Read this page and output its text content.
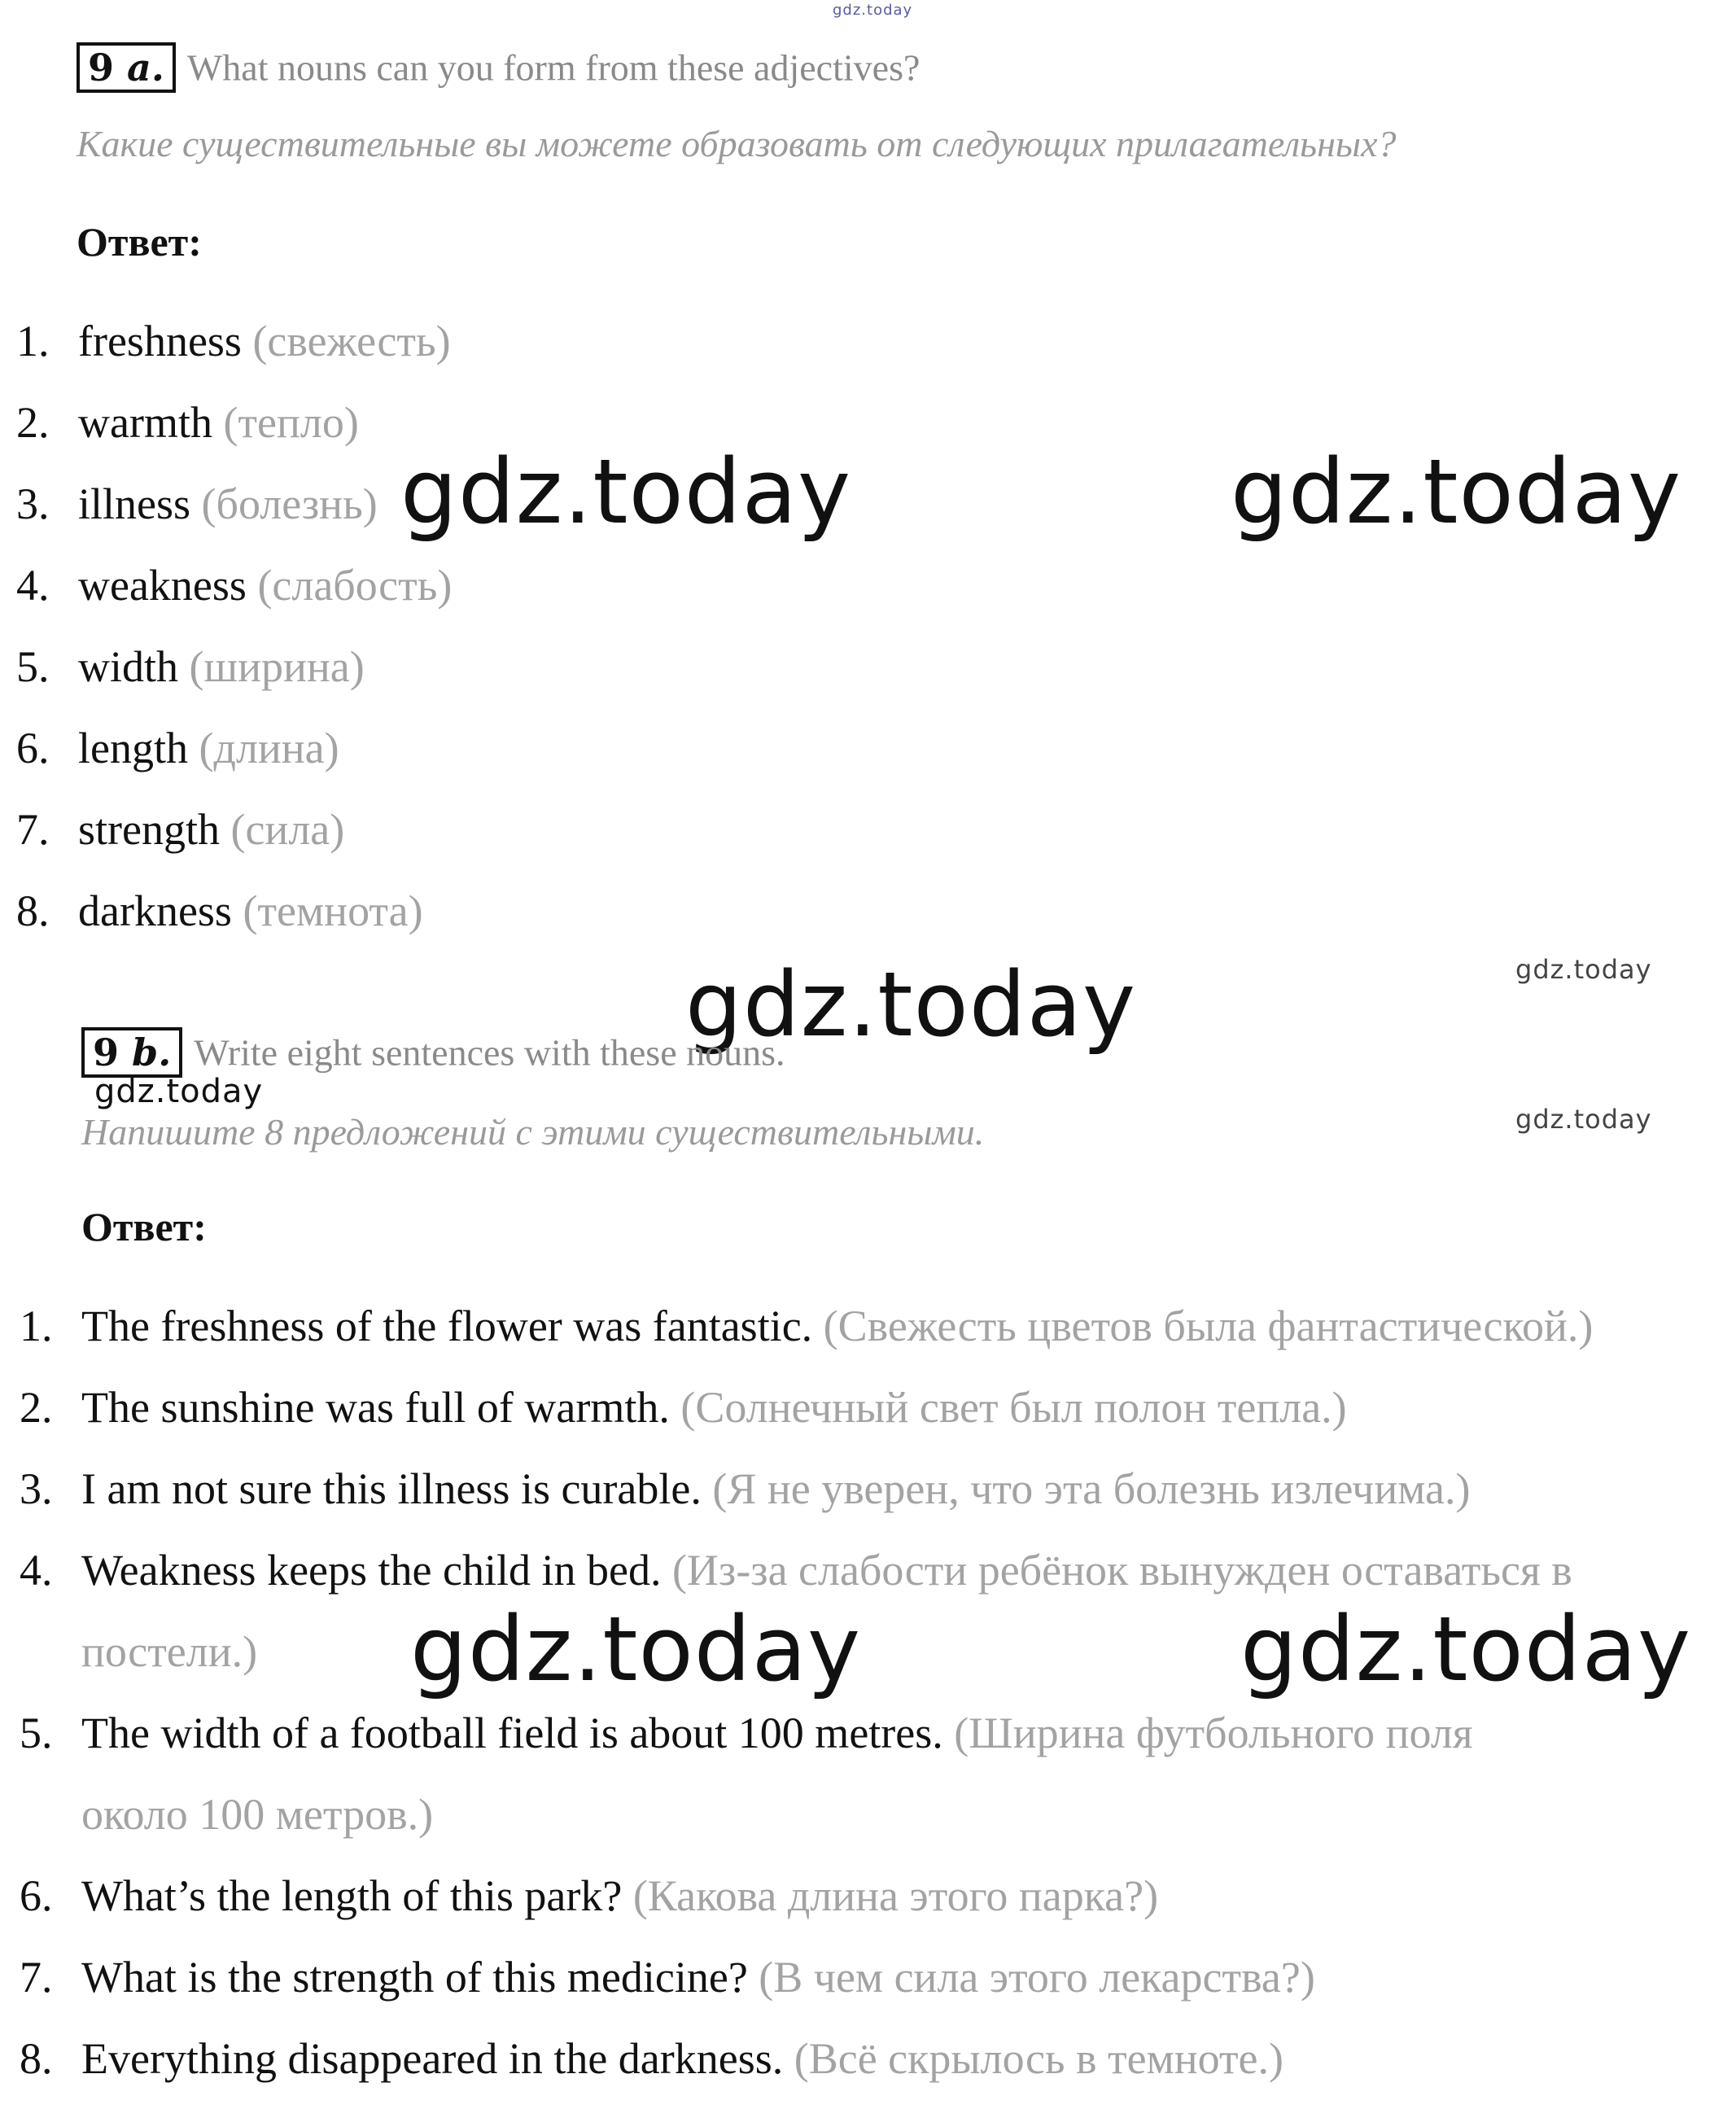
gdz.today
9 a. What nouns can you form from these adjectives?
Какие существительные вы можете образовать от следующих прилагательных?
Ответ:
1. freshness (свежесть)
2. warmth (тепло)
3. illness (болезнь)
4. weakness (слабость)
5. width (ширина)
6. length (длина)
7. strength (сила)
8. darkness (темнота)
gdz.today	gdz.today
gdz.today	gdz.today
9 b. Write eight sentences with these nouns.
gdz.today
Напишите 8 предложений с этими существительными.	gdz.today
Ответ:
1. The freshness of the flower was fantastic. (Свежесть цветов была фантастической.)
2. The sunshine was full of warmth. (Солнечный свет был полон тепла.)
3. I am not sure this illness is curable. (Я не уверен, что эта болезнь излечима.)
4. Weakness keeps the child in bed. (Из-за слабости ребёнок вынужден оставаться в
постели.)
5. The width of a football field is about 100 metres. (Ширина футбольного поля
около 100 метров.)
6. What’s the length of this park? (Какова длина этого парка?)
7. What is the strength of this medicine? (В чем сила этого лекарства?)
8. Everything disappeared in the darkness. (Всё скрылось в темноте.)
gdz.today	gdz.today
